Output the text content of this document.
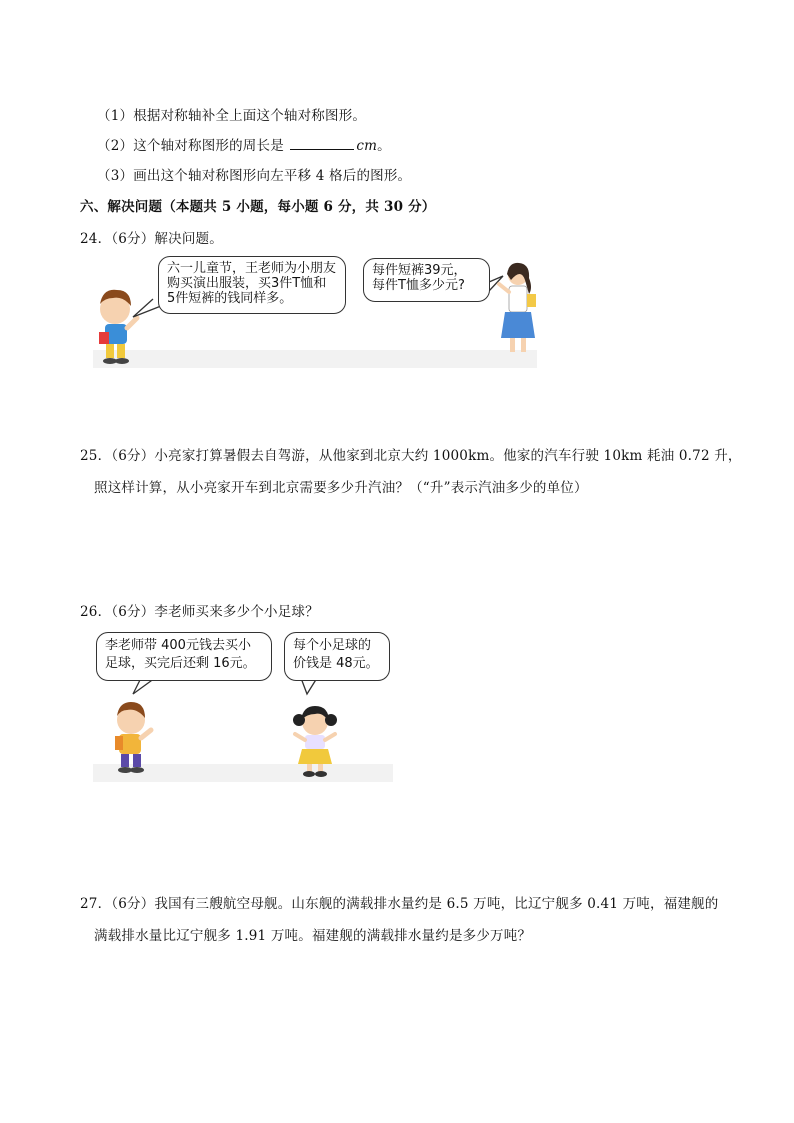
（1）根据对称轴补全上面这个轴对称图形。
（2）这个轴对称图形的周长是	cm。
（3）画出这个轴对称图形向左平移 4 格后的图形。
六、解决问题（本题共 5 小题，每小题 6 分，共 30 分）
24．（6分）解决问题。
六一儿童节，王老师为小朋友
购买演出服装，买3件T恤和
5件短裤的钱同样多。
每件短裤39元，
每件T恤多少元?
25．（6分）小亮家打算暑假去自驾游，从他家到北京大约 1000km。他家的汽车行驶 10km 耗油 0.72 升，
照这样计算，从小亮家开车到北京需要多少升汽油？（“升”表示汽油多少的单位）
26．（6分）李老师买来多少个小足球？
李老师带 400元钱去买小
足球，买完后还剩 16元。
每个小足球的
价钱是 48元。
27．（6分）我国有三艘航空母舰。山东舰的满载排水量约是 6.5 万吨，比辽宁舰多 0.41 万吨，福建舰的
满载排水量比辽宁舰多 1.91 万吨。福建舰的满载排水量约是多少万吨？
